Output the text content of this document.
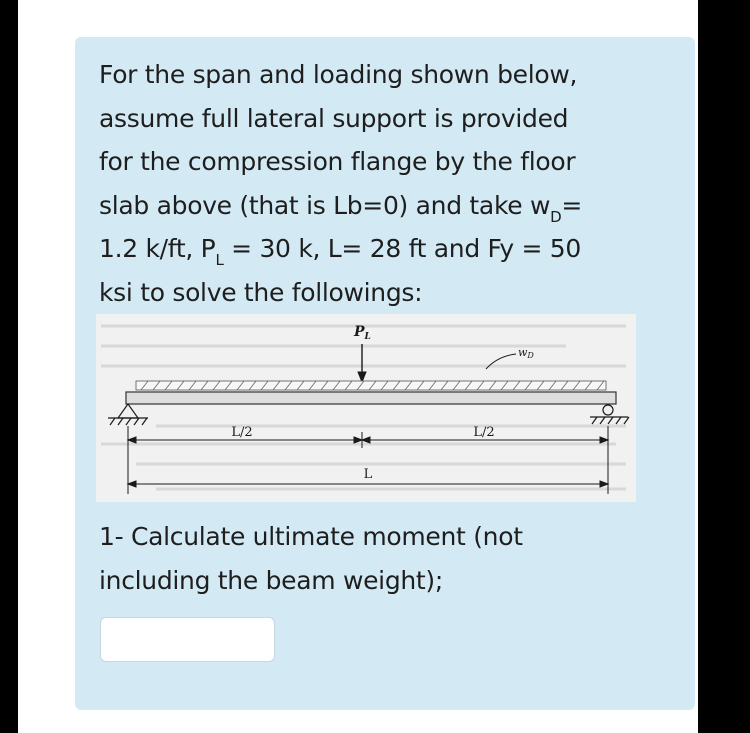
For the span and loading shown below,
assume full lateral support is provided
for the compression flange by the floor
slab above (that is Lb=0) and take $w_D=$
1.2 k/ft, $P_L = 30$ k, L= 28 ft and Fy = 50
ksi to solve the followings:
$P_L$
wD
L/2	L/2
L
1- Calculate ultimate moment (not
including the beam weight);
